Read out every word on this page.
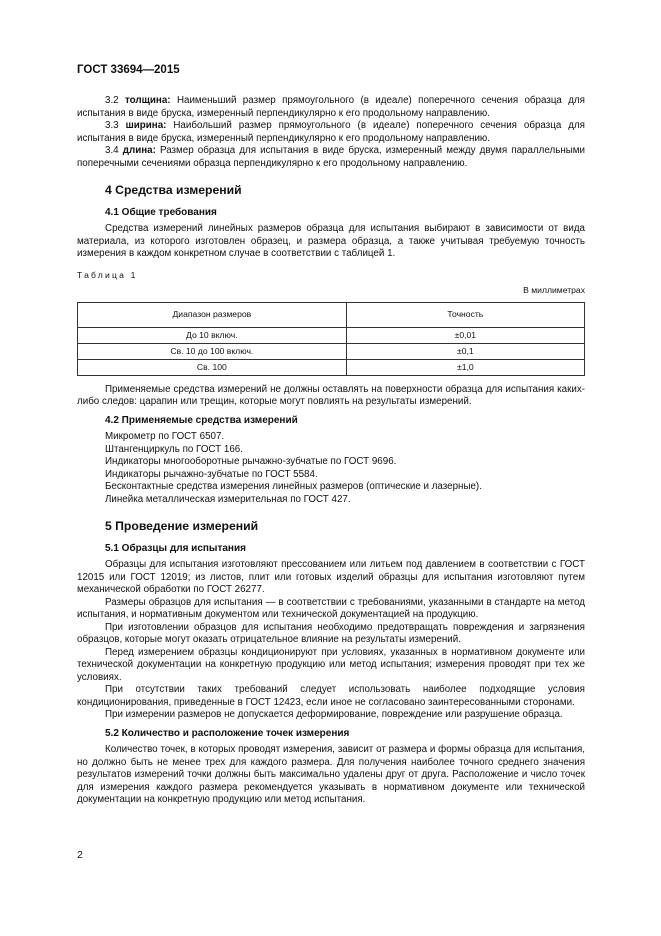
ГОСТ 33694—2015

3.2 толщина: Наименьший размер прямоугольного (в идеале) поперечного сечения образца для испытания в виде бруска, измеренный перпендикулярно к его продольному направлению.

3.3 ширина: Наибольший размер прямоугольного (в идеале) поперечного сечения образца для испытания в виде бруска, измеренный перпендикулярно к его продольному направлению.

3.4 длина: Размер образца для испытания в виде бруска, измеренный между двумя параллельными поперечными сечениями образца перпендикулярно к его продольному направлению.

4 Средства измерений
4.1 Общие требования

Средства измерений линейных размеров образца для испытания выбирают в зависимости от вида материала, из которого изготовлен образец, и размера образца, а также учитывая требуемую точность измерения в каждом конкретном случае в соответствии с таблицей 1.

Таблица 1
В миллиметрах
Диапазон размеров	Точность
До 10 включ.	±0,01
Св. 10 до 100 включ.	±0,1
Св. 100	±1,0

Применяемые средства измерений не должны оставлять на поверхности образца для испытания каких-либо следов: царапин или трещин, которые могут повлиять на результаты измерений.

4.2 Применяемые средства измерений
Микрометр по ГОСТ 6507.
Штангенциркуль по ГОСТ 166.
Индикаторы многооборотные рычажно-зубчатые по ГОСТ 9696.
Индикаторы рычажно-зубчатые по ГОСТ 5584.
Бесконтактные средства измерения линейных размеров (оптические и лазерные).
Линейка металлическая измерительная по ГОСТ 427.
5 Проведение измерений
5.1 Образцы для испытания

Образцы для испытания изготовляют прессованием или литьем под давлением в соответствии с ГОСТ 12015 или ГОСТ 12019; из листов, плит или готовых изделий образцы для испытания изготовляют путем механической обработки по ГОСТ 26277.

Размеры образцов для испытания — в соответствии с требованиями, указанными в стандарте на метод испытания, и нормативным документом или технической документацией на продукцию.

При изготовлении образцов для испытания необходимо предотвращать повреждения и загрязнения образцов, которые могут оказать отрицательное влияние на результаты измерений.

Перед измерением образцы кондиционируют при условиях, указанных в нормативном документе или технической документации на конкретную продукцию или метод испытания; измерения проводят при тех же условиях.

При отсутствии таких требований следует использовать наиболее подходящие условия кондиционирования, приведенные в ГОСТ 12423, если иное не согласовано заинтересованными сторонами.

При измерении размеров не допускается деформирование, повреждение или разрушение образца.

5.2 Количество и расположение точек измерения

Количество точек, в которых проводят измерения, зависит от размера и формы образца для испытания, но должно быть не менее трех для каждого размера. Для получения наиболее точного среднего значения результатов измерений точки должны быть максимально удалены друг от друга. Расположение и число точек для измерения каждого размера рекомендуется указывать в нормативном документе или технической документации на конкретную продукцию или метод испытания.

2
